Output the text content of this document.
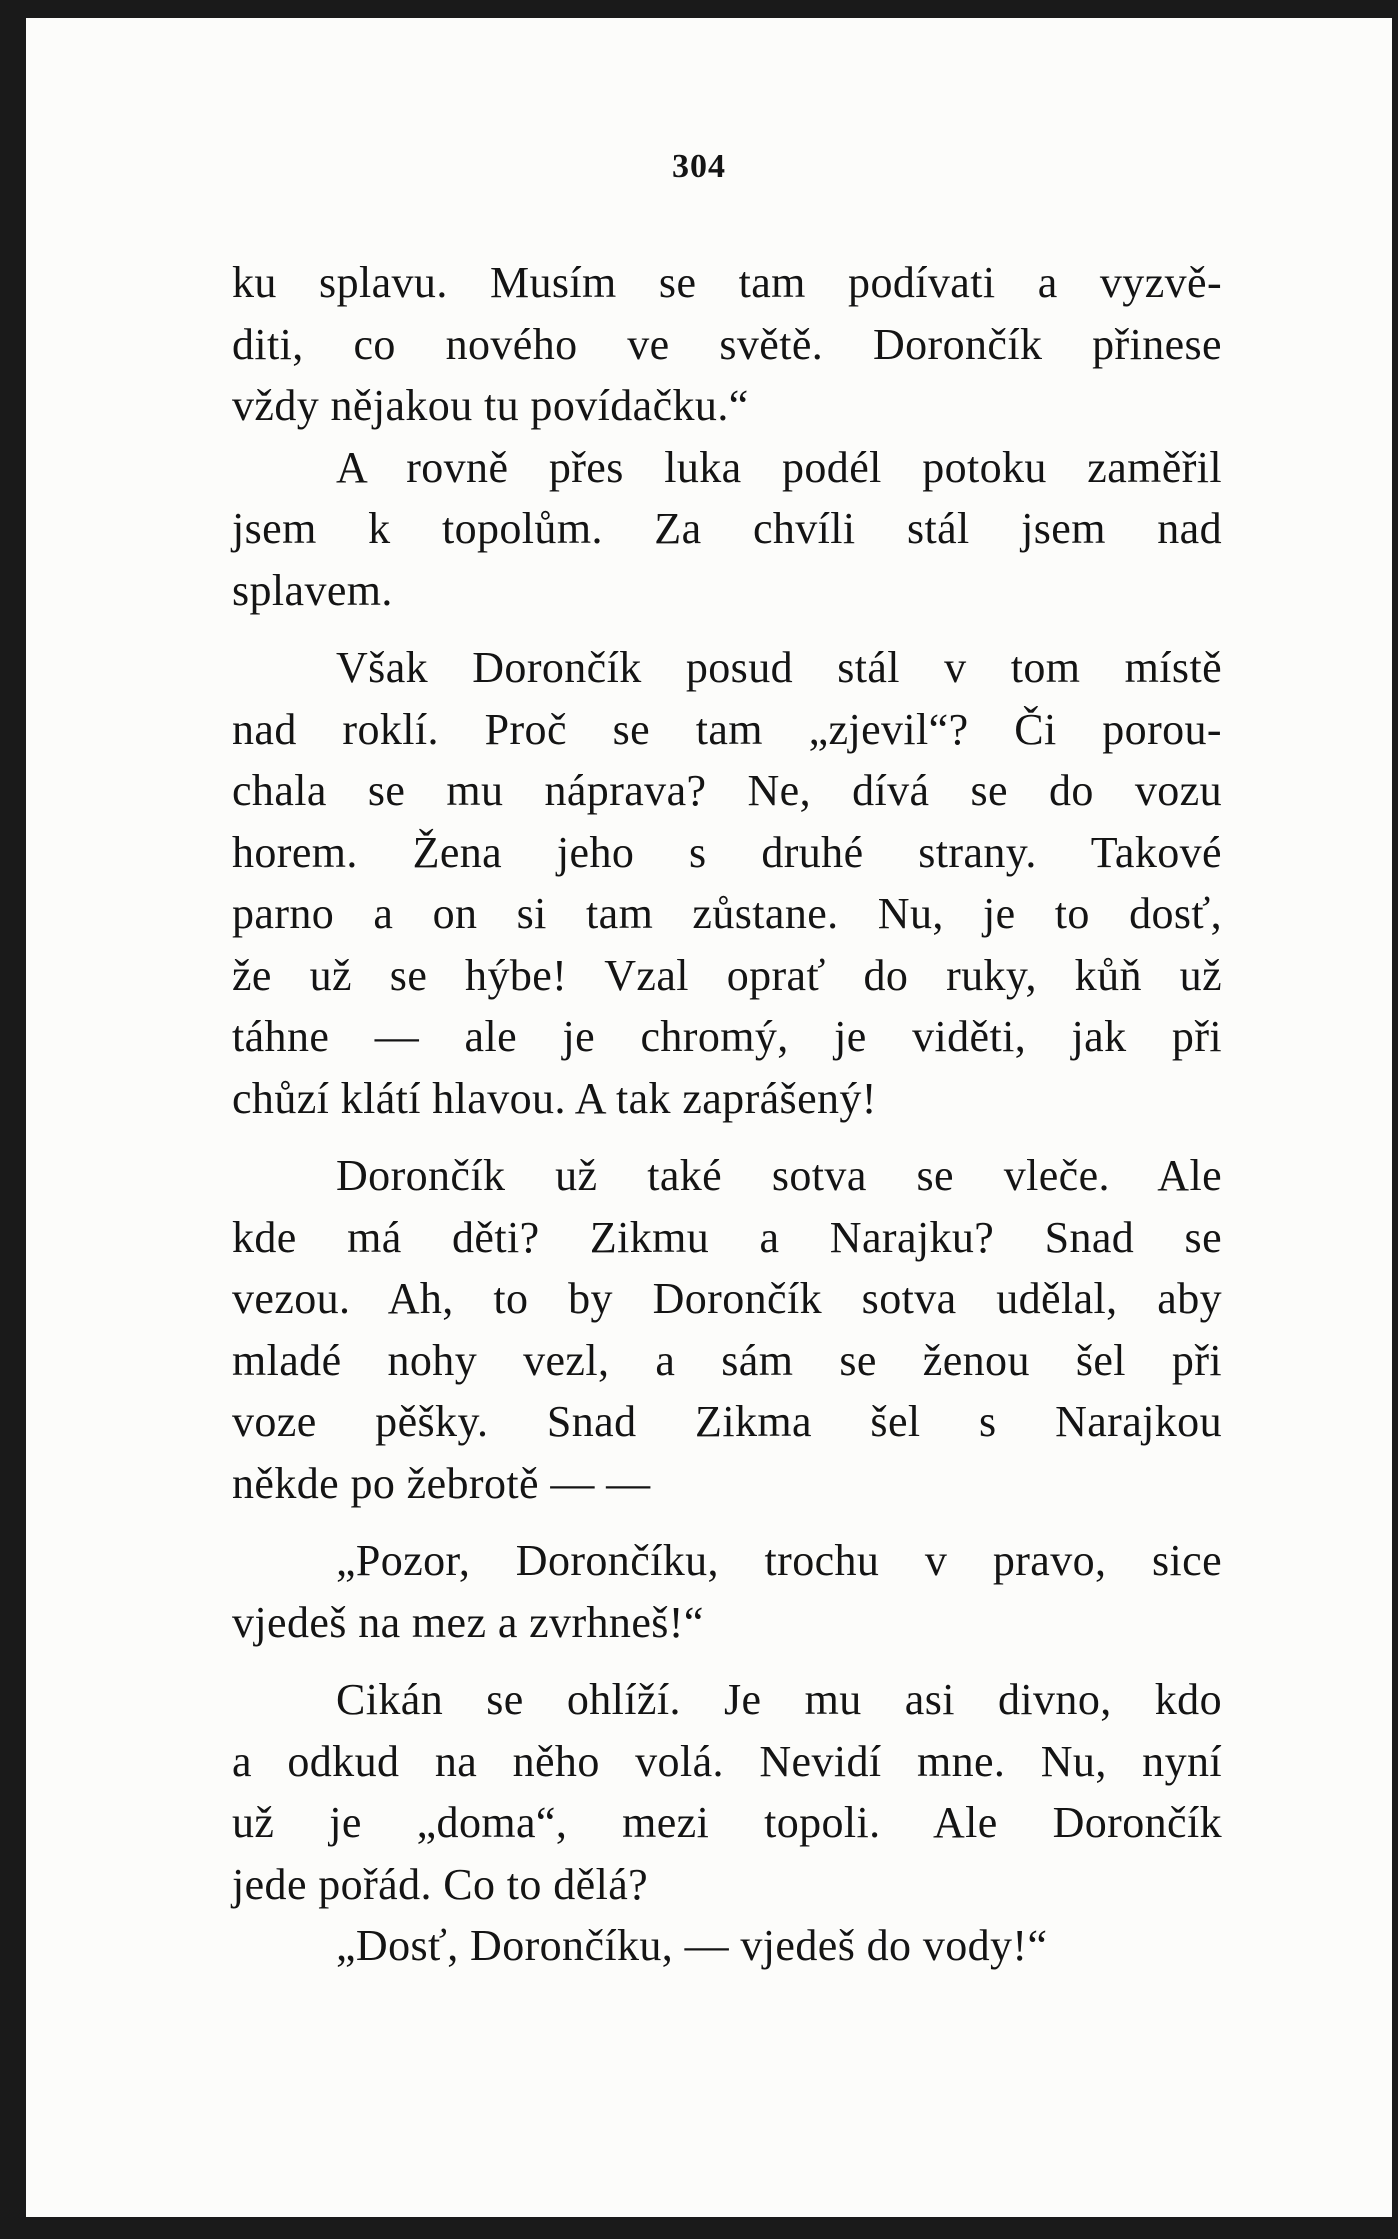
304
ku splavu. Musím se tam podívati a vyzvě-
diti, co nového ve světě. Dorončík přinese
vždy nějakou tu povídačku.“
A rovně přes luka podél potoku zaměřil
jsem k topolům. Za chvíli stál jsem nad
splavem.
Však Dorončík posud stál v tom místě
nad roklí. Proč se tam „zjevil“? Či porou-
chala se mu náprava? Ne, dívá se do vozu
horem. Žena jeho s druhé strany. Takové
parno a on si tam zůstane. Nu, je to dosť,
že už se hýbe! Vzal oprať do ruky, kůň už
táhne — ale je chromý, je viděti, jak při
chůzí klátí hlavou. A tak zaprášený!
Dorončík už také sotva se vleče. Ale
kde má děti? Zikmu a Narajku? Snad se
vezou. Ah, to by Dorončík sotva udělal, aby
mladé nohy vezl, a sám se ženou šel při
voze pěšky. Snad Zikma šel s Narajkou
někde po žebrotě — —
„Pozor, Dorončíku, trochu v pravo, sice
vjedeš na mez a zvrhneš!“
Cikán se ohlíží. Je mu asi divno, kdo
a odkud na něho volá. Nevidí mne. Nu, nyní
už je „doma“, mezi topoli. Ale Dorončík
jede pořád. Co to dělá?
„Dosť, Dorončíku, — vjedeš do vody!“
